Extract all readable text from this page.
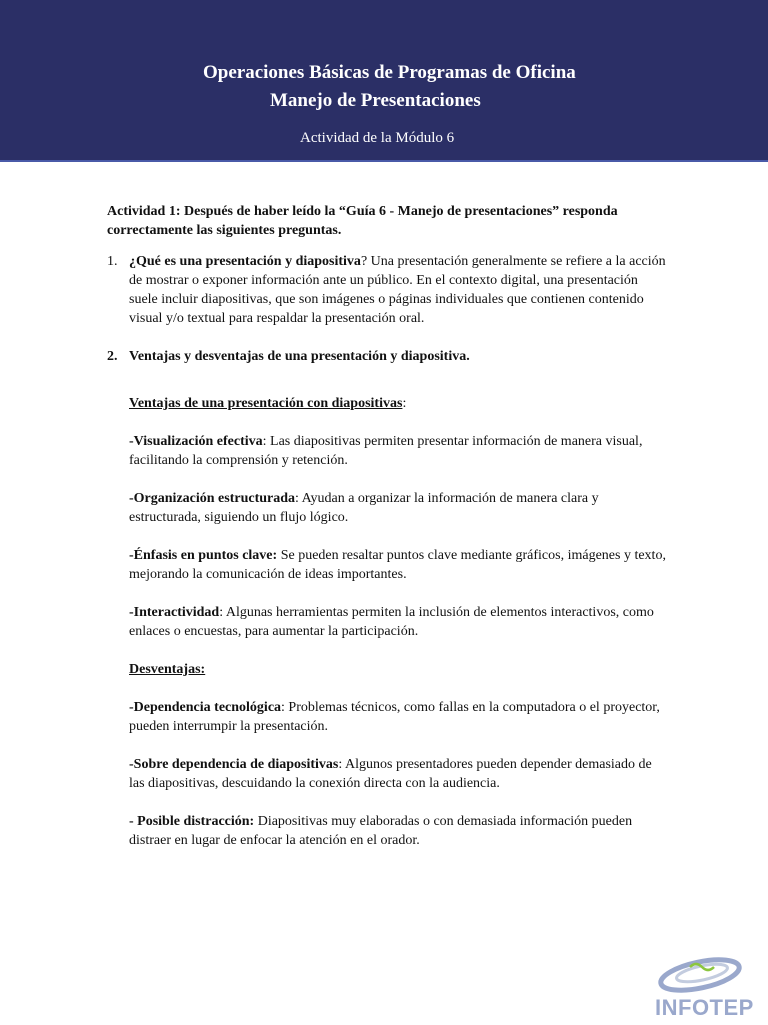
Operaciones Básicas de Programas de Oficina
Manejo de Presentaciones
Actividad de la Módulo 6

Actividad 1: Después de haber leído la “Guía 6 - Manejo de presentaciones” responda correctamente las siguientes preguntas.

1. ¿Qué es una presentación y diapositiva? Una presentación generalmente se refiere a la acción de mostrar o exponer información ante un público. En el contexto digital, una presentación suele incluir diapositivas, que son imágenes o páginas individuales que contienen contenido visual y/o textual para respaldar la presentación oral.
2. Ventajas y desventajas de una presentación y diapositiva.

Ventajas de una presentación con diapositivas:

-Visualización efectiva: Las diapositivas permiten presentar información de manera visual, facilitando la comprensión y retención.

-Organización estructurada: Ayudan a organizar la información de manera clara y estructurada, siguiendo un flujo lógico.

-Énfasis en puntos clave: Se pueden resaltar puntos clave mediante gráficos, imágenes y texto, mejorando la comunicación de ideas importantes.

-Interactividad: Algunas herramientas permiten la inclusión de elementos interactivos, como enlaces o encuestas, para aumentar la participación.

Desventajas:

-Dependencia tecnológica: Problemas técnicos, como fallas en la computadora o el proyector, pueden interrumpir la presentación.

-Sobre dependencia de diapositivas: Algunos presentadores pueden depender demasiado de las diapositivas, descuidando la conexión directa con la audiencia.

- Posible distracción: Diapositivas muy elaboradas o con demasiada información pueden distraer en lugar de enfocar la atención en el orador.

INFOTEP
